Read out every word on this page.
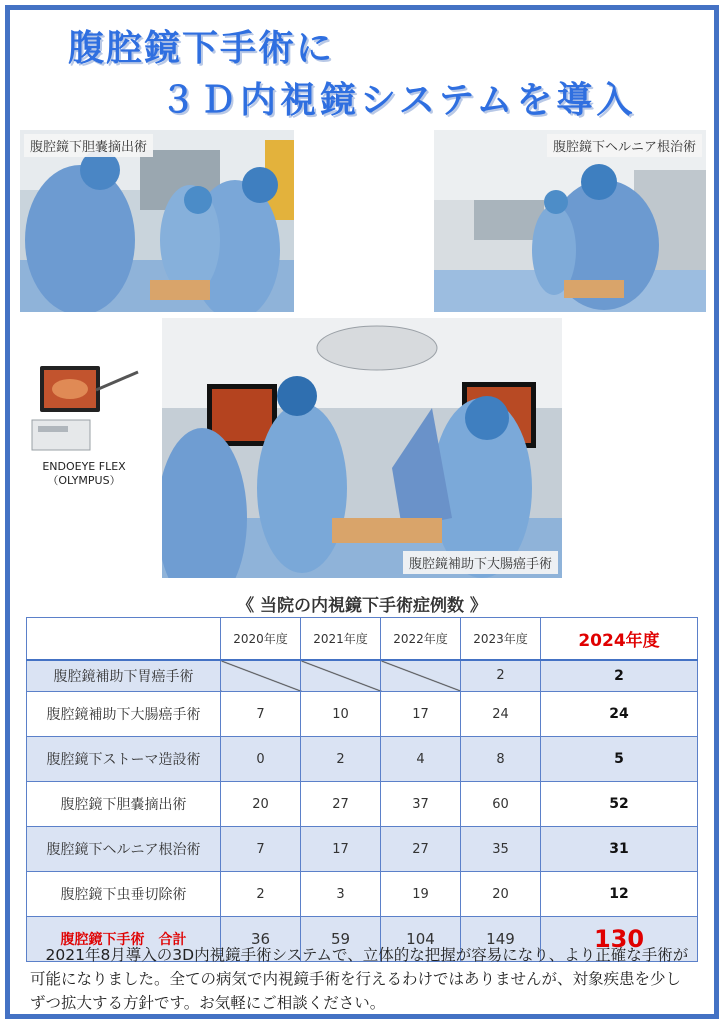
腹腔鏡下手術に
３Ｄ内視鏡システムを導入
腹腔鏡下胆嚢摘出術	腹腔鏡下ヘルニア根治術
ENDOEYE FLEX
（OLYMPUS）
腹腔鏡補助下大腸癌手術
《 当院の内視鏡下手術症例数 》
	2020年度	2021年度	2022年度	2023年度	2024年度
腹腔鏡補助下胃癌手術				2	2
腹腔鏡補助下大腸癌手術	7	10	17	24	24
腹腔鏡下ストーマ造設術	0	2	4	8	5
腹腔鏡下胆嚢摘出術	20	27	37	60	52
腹腔鏡下ヘルニア根治術	7	17	27	35	31
腹腔鏡下虫垂切除術	2	3	19	20	12
腹腔鏡下手術　合計	36	59	104	149	130
2021年8月導入の3D内視鏡手術システムで、立体的な把握が容易になり、より正確な手術が可能になりました。全ての病気で内視鏡手術を行えるわけではありませんが、対象疾患を少しずつ拡大する方針です。お気軽にご相談ください。
